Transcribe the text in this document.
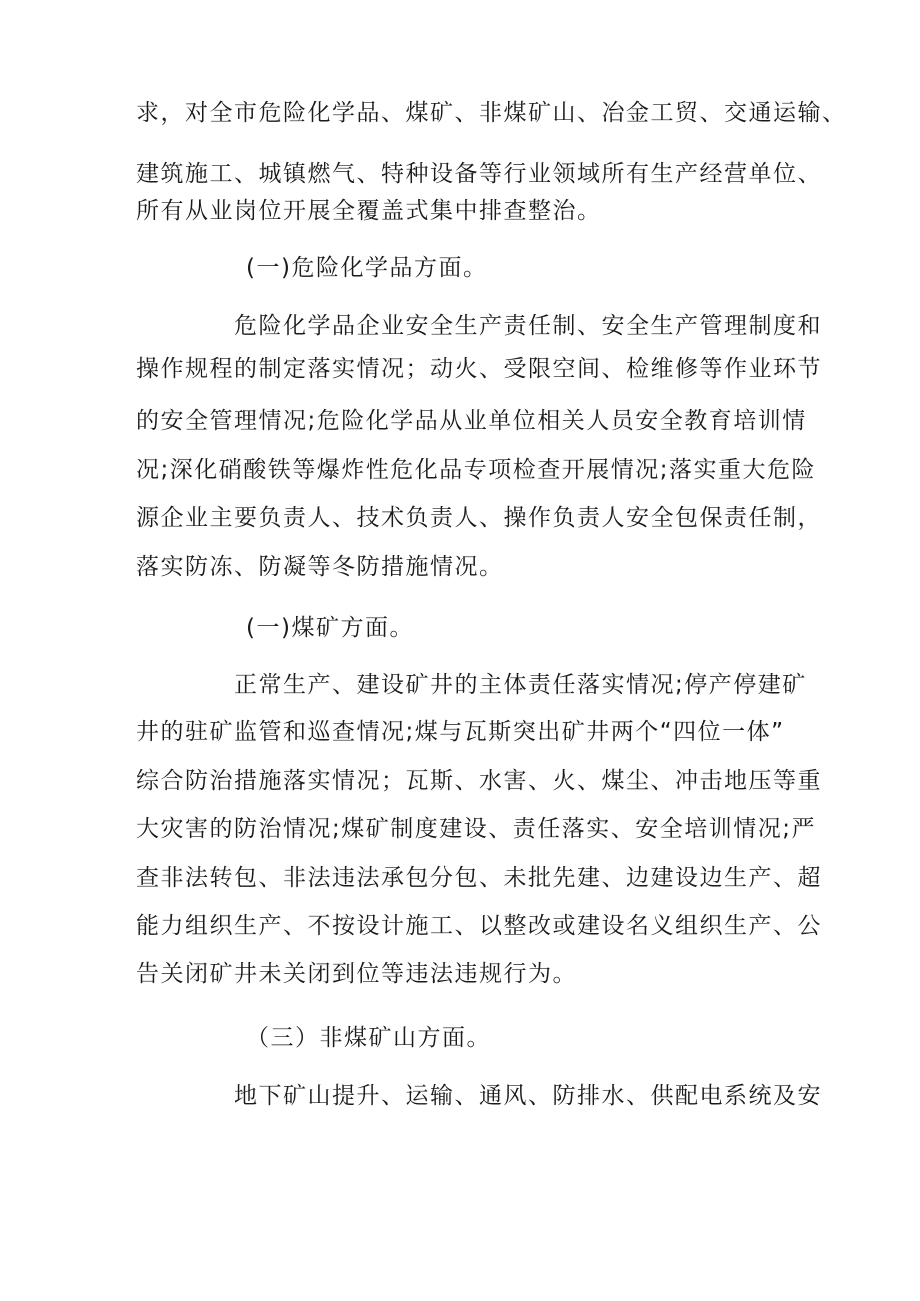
求，对全市危险化学品、煤矿、非煤矿山、冶金工贸、交通运输、
建筑施工、城镇燃气、特种设备等行业领域所有生产经营单位、
所有从业岗位开展全覆盖式集中排查整治。
(一)危险化学品方面。
危险化学品企业安全生产责任制、安全生产管理制度和
操作规程的制定落实情况；动火、受限空间、检维修等作业环节
的安全管理情况;危险化学品从业单位相关人员安全教育培训情
况;深化硝酸铁等爆炸性危化品专项检查开展情况;落实重大危险
源企业主要负责人、技术负责人、操作负责人安全包保责任制，
落实防冻、防凝等冬防措施情况。
(一)煤矿方面。
正常生产、建设矿井的主体责任落实情况;停产停建矿
井的驻矿监管和巡查情况;煤与瓦斯突出矿井两个“四位一体”
综合防治措施落实情况；瓦斯、水害、火、煤尘、冲击地压等重
大灾害的防治情况;煤矿制度建设、责任落实、安全培训情况;严
查非法转包、非法违法承包分包、未批先建、边建设边生产、超
能力组织生产、不按设计施工、以整改或建设名义组织生产、公
告关闭矿井未关闭到位等违法违规行为。
（三）非煤矿山方面。
地下矿山提升、运输、通风、防排水、供配电系统及安
